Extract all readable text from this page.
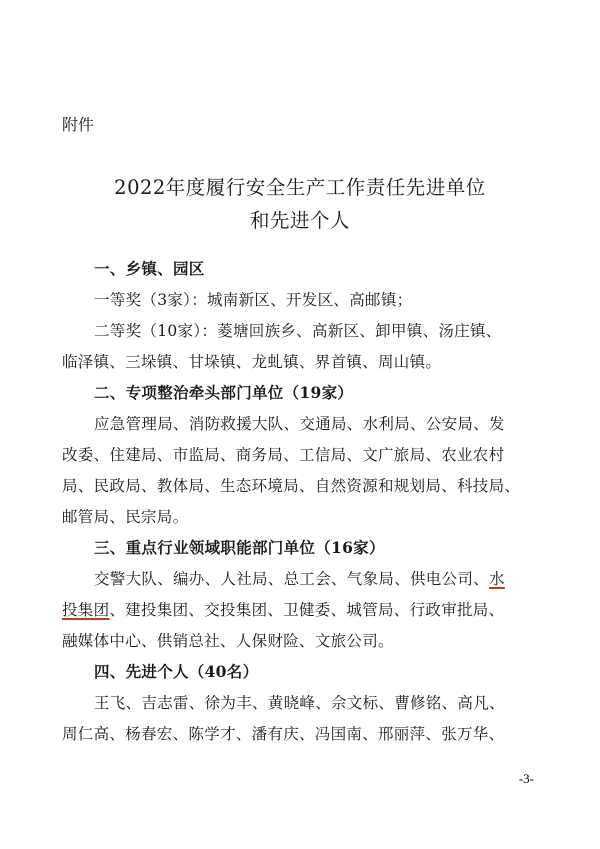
附件
2022年度履行安全生产工作责任先进单位
和先进个人
一、乡镇、园区
一等奖（3家）：城南新区、开发区、高邮镇；
二等奖（10家）：菱塘回族乡、高新区、卸甲镇、汤庄镇、
临泽镇、三垛镇、甘垛镇、龙虬镇、界首镇、周山镇。
二、专项整治牵头部门单位（19家）
应急管理局、消防救援大队、交通局、水利局、公安局、发
改委、住建局、市监局、商务局、工信局、文广旅局、农业农村
局、民政局、教体局、生态环境局、自然资源和规划局、科技局、
邮管局、民宗局。
三、重点行业领域职能部门单位（16家）
交警大队、编办、人社局、总工会、气象局、供电公司、水
投集团、建投集团、交投集团、卫健委、城管局、行政审批局、
融媒体中心、供销总社、人保财险、文旅公司。
四、先进个人（40名）
王飞、吉志雷、徐为丰、黄晓峰、佘文标、曹修铭、高凡、
周仁高、杨春宏、陈学才、潘有庆、冯国南、邢丽萍、张万华、
-3-
